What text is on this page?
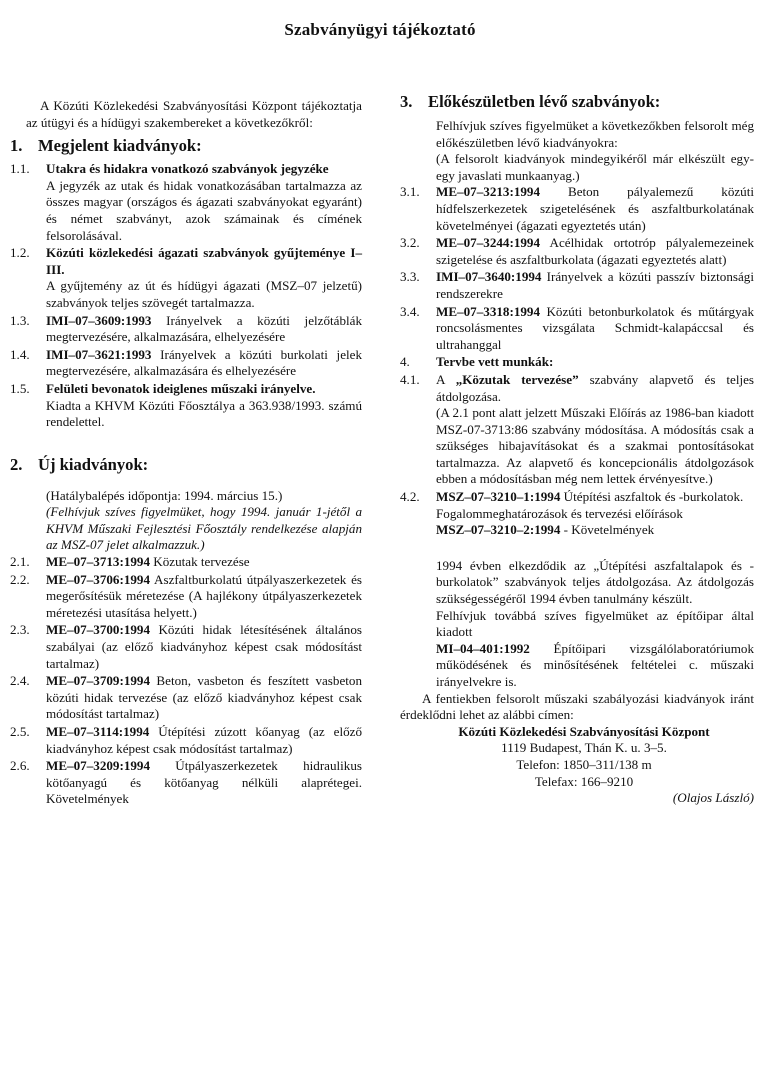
Szabványügyi tájékoztató

A Közúti Közlekedési Szabványosítási Központ tájékoztatja az útügyi és a hídügyi szakembereket a következőkről:

1. Megjelent kiadványok:
1.1. Utakra és hidakra vonatkozó szabványok jegyzéke

A jegyzék az utak és hidak vonatkozásában tartalmazza az összes magyar (országos és ágazati szabványokat egyaránt) és német szabványt, azok számainak és címének felsorolásával.

1.2. Közúti közlekedési ágazati szabványok gyűjteménye I–III.

A gyűjtemény az út és hídügyi ágazati (MSZ–07 jelzetű) szabványok teljes szövegét tartalmazza.

1.3. IMI–07–3609:1993 Irányelvek a közúti jelzőtáblák megtervezésére, alkalmazására, elhelyezésére

1.4. IMI–07–3621:1993 Irányelvek a közúti burkolati jelek megtervezésére, alkalmazására és elhelyezésére

1.5. Felületi bevonatok ideiglenes műszaki irányelve.

Kiadta a KHVM Közúti Főosztálya a 363.938/1993. számú rendelettel.

2. Új kiadványok:

(Hatálybalépés időpontja: 1994. március 15.)

(Felhívjuk szíves figyelmüket, hogy 1994. január 1-jétől a KHVM Műszaki Fejlesztési Főosztály rendelkezése alapján az MSZ-07 jelet alkalmazzuk.)

2.1. ME–07–3713:1994 Közutak tervezése

2.2. ME–07–3706:1994 Aszfaltburkolatú útpályaszerkezetek és megerősítésük méretezése (A hajlékony útpályaszerkezetek méretezési utasítása helyett.)

2.3. ME–07–3700:1994 Közúti hidak létesítésének általános szabályai (az előző kiadványhoz képest csak módosítást tartalmaz)

2.4. ME–07–3709:1994 Beton, vasbeton és feszített vasbeton közúti hidak tervezése (az előző kiadványhoz képest csak módosítást tartalmaz)

2.5. ME–07–3114:1994 Útépítési zúzott kőanyag (az előző kiadványhoz képest csak módosítást tartalmaz)

2.6. ME–07–3209:1994 Útpályaszerkezetek hidraulikus kötőanyagú és kötőanyag nélküli alaprétegei. Követelmények

3. Előkészületben lévő szabványok:

Felhívjuk szíves figyelmüket a következőkben felsorolt még előkészületben lévő kiadványokra:

(A felsorolt kiadványok mindegyikéről már elkészült egy-egy javaslati munkaanyag.)

3.1. ME–07–3213:1994 Beton pályalemezű közúti hídfelszerkezetek szigetelésének és aszfaltburkolatának követelményei (ágazati egyeztetés után)

3.2. ME–07–3244:1994 Acélhidak ortotróp pályalemezeinek szigetelése és aszfaltburkolata (ágazati egyeztetés alatt)

3.3. IMI–07–3640:1994 Irányelvek a közúti passzív biztonsági rendszerekre

3.4. ME–07–3318:1994 Közúti betonburkolatok és műtárgyak roncsolásmentes vizsgálata Schmidt-kalapáccsal és ultrahanggal

4. Tervbe vett munkák:

4.1. A „Közutak tervezése” szabvány alapvető és teljes átdolgozása.

(A 2.1 pont alatt jelzett Műszaki Előírás az 1986-ban kiadott MSZ-07-3713:86 szabvány módosítása. A módosítás csak a szükséges hibajavításokat és a szakmai pontosításokat tartalmazza. Az alapvető és koncepcionális átdolgozások ebben a módosításban még nem lettek érvényesítve.)

4.2. MSZ–07–3210–1:1994 Útépítési aszfaltok és -burkolatok.

Fogalommeghatározások és tervezési előírások

MSZ–07–3210–2:1994 - Követelmények

1994 évben elkezdődik az „Útépítési aszfaltalapok és -burkolatok” szabványok teljes átdolgozása. Az átdolgozás szükségességéről 1994 évben tanulmány készült.

Felhívjuk továbbá szíves figyelmüket az építőipar által kiadott

MI–04–401:1992 Építőipari vizsgálólaboratóriumok működésének és minősítésének feltételei c. műszaki irányelvekre is.

A fentiekben felsorolt műszaki szabályozási kiadványok iránt érdeklődni lehet az alábbi címen:

Közúti Közlekedési Szabványosítási Központ

1119 Budapest, Thán K. u. 3–5.

Telefon: 1850–311/138 m

Telefax: 166–9210

(Olajos László)
